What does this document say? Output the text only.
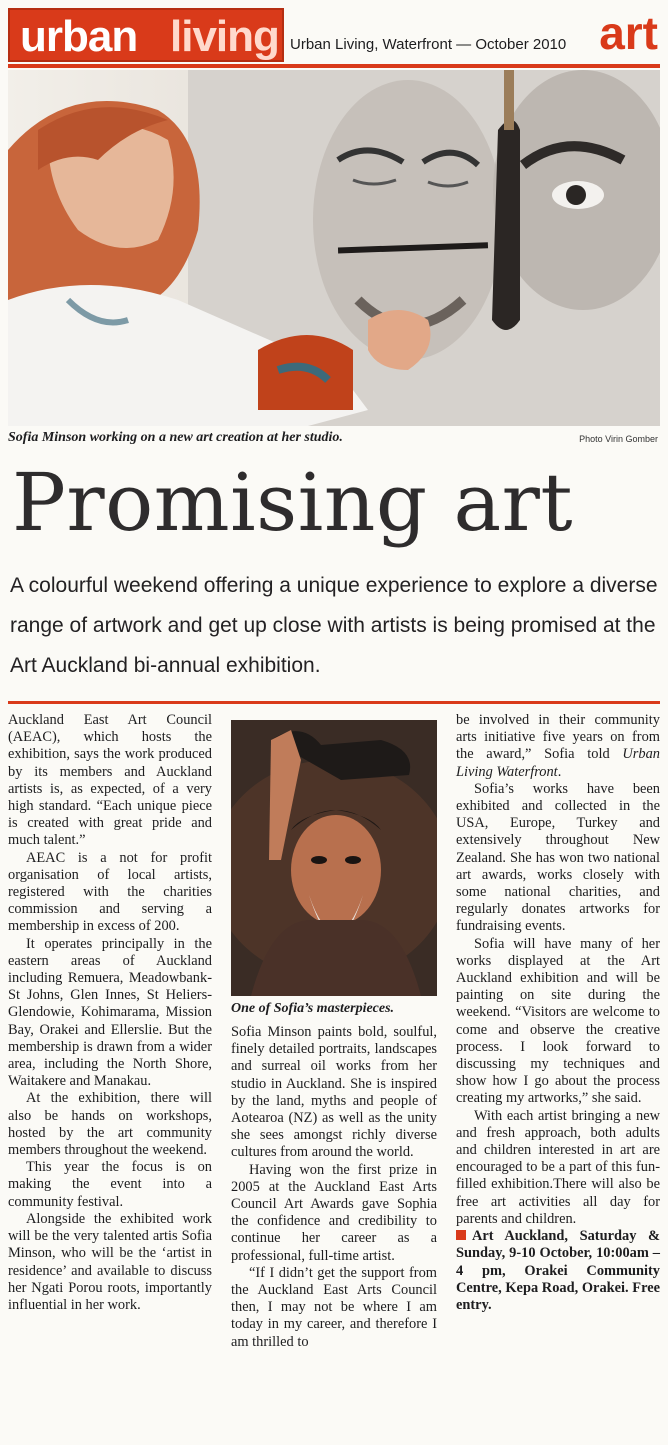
urban living Urban Living, Waterfront — October 2010 art
Sofia Minson working on a new art creation at her studio.	Photo Virin Gomber
Promising art
A colourful weekend offering a unique experience to explore a diverse range of artwork and get up close with artists is being promised at the Art Auckland bi-annual exhibition.

Auckland East Art Council (AEAC), which hosts the exhibition, says the work produced by its members and Auckland artists is, as expected, of a very high standard. “Each unique piece is created with great pride and much talent.”

AEAC is a not for profit organisation of local artists, registered with the charities commission and serving a membership in excess of 200.

It operates principally in the eastern areas of Auckland including Remuera, Meadowbank-St Johns, Glen Innes, St Heliers-Glendowie, Kohimarama, Mission Bay, Orakei and Ellerslie. But the membership is drawn from a wider area, including the North Shore, Waitakere and Manakau.

At the exhibition, there will also be hands on workshops, hosted by the art community members throughout the weekend.

This year the focus is on making the event into a community festival.

Alongside the exhibited work will be the very talented artis Sofia Minson, who will be the ‘artist in residence’ and available to discuss her Ngati Porou roots, importantly influential in her work.

One of Sofia’s masterpieces.

Sofia Minson paints bold, soulful, finely detailed portraits, landscapes and surreal oil works from her studio in Auckland. She is inspired by the land, myths and people of Aotearoa (NZ) as well as the unity she sees amongst richly diverse cultures from around the world.

Having won the first prize in 2005 at the Auckland East Arts Council Art Awards gave Sophia the confidence and credibility to continue her career as a professional, full-time artist.

“If I didn’t get the support from the Auckland East Arts Council then, I may not be where I am today in my career, and therefore I am thrilled to

be involved in their community arts initiative five years on from the award,” Sofia told Urban Living Waterfront.

Sofia’s works have been exhibited and collected in the USA, Europe, Turkey and extensively throughout New Zealand. She has won two national art awards, works closely with some national charities, and regularly donates artworks for fundraising events.

Sofia will have many of her works displayed at the Art Auckland exhibition and will be painting on site during the weekend. “Visitors are welcome to come and observe the creative process. I look forward to discussing my techniques and show how I go about the process creating my artworks,” she said.

With each artist bringing a new and fresh approach, both adults and children interested in art are encouraged to be a part of this fun-filled exhibition.There will also be free art activities all day for parents and children.

Art Auckland, Saturday & Sunday, 9-10 October, 10:00am – 4 pm, Orakei Community Centre, Kepa Road, Orakei. Free entry.
